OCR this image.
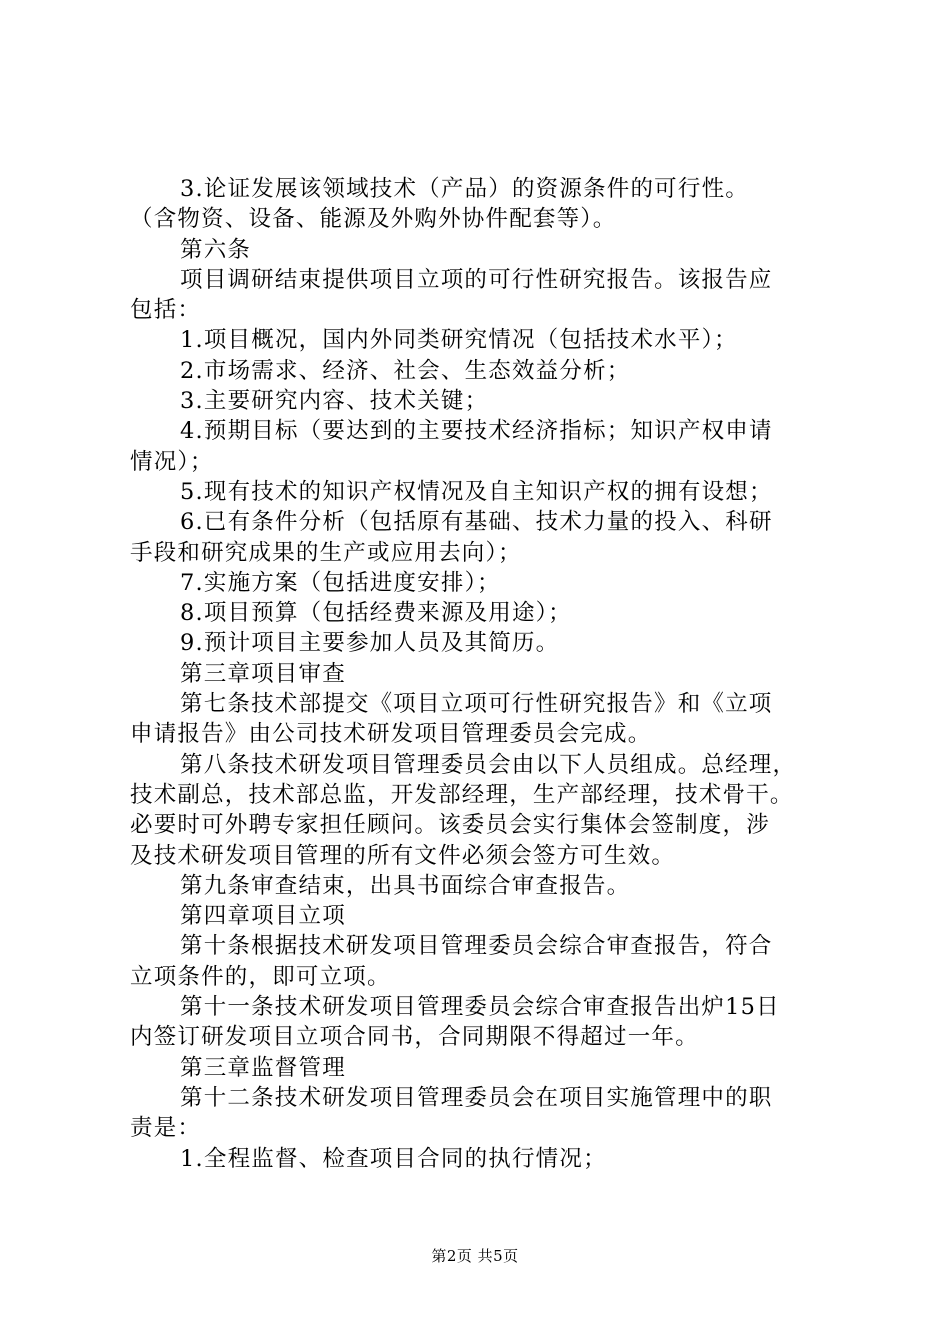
3.论证发展该领域技术（产品）的资源条件的可行性。

（含物资、设备、能源及外购外协件配套等）。

第六条

项目调研结束提供项目立项的可行性研究报告。该报告应

包括：

1.项目概况，国内外同类研究情况（包括技术水平）；

2.市场需求、经济、社会、生态效益分析；

3.主要研究内容、技术关键；

4.预期目标（要达到的主要技术经济指标；知识产权申请

情况）；

5.现有技术的知识产权情况及自主知识产权的拥有设想；

6.已有条件分析（包括原有基础、技术力量的投入、科研

手段和研究成果的生产或应用去向）；

7.实施方案（包括进度安排）；

8.项目预算（包括经费来源及用途）；

9.预计项目主要参加人员及其简历。

第三章项目审查

第七条技术部提交《项目立项可行性研究报告》和《立项

申请报告》由公司技术研发项目管理委员会完成。

第八条技术研发项目管理委员会由以下人员组成。总经理，

技术副总，技术部总监，开发部经理，生产部经理，技术骨干。

必要时可外聘专家担任顾问。该委员会实行集体会签制度，涉

及技术研发项目管理的所有文件必须会签方可生效。

第九条审查结束，出具书面综合审查报告。

第四章项目立项

第十条根据技术研发项目管理委员会综合审查报告，符合

立项条件的，即可立项。

第十一条技术研发项目管理委员会综合审查报告出炉15日

内签订研发项目立项合同书，合同期限不得超过一年。

第三章监督管理

第十二条技术研发项目管理委员会在项目实施管理中的职

责是：

1.全程监督、检查项目合同的执行情况；

第2页 共5页
